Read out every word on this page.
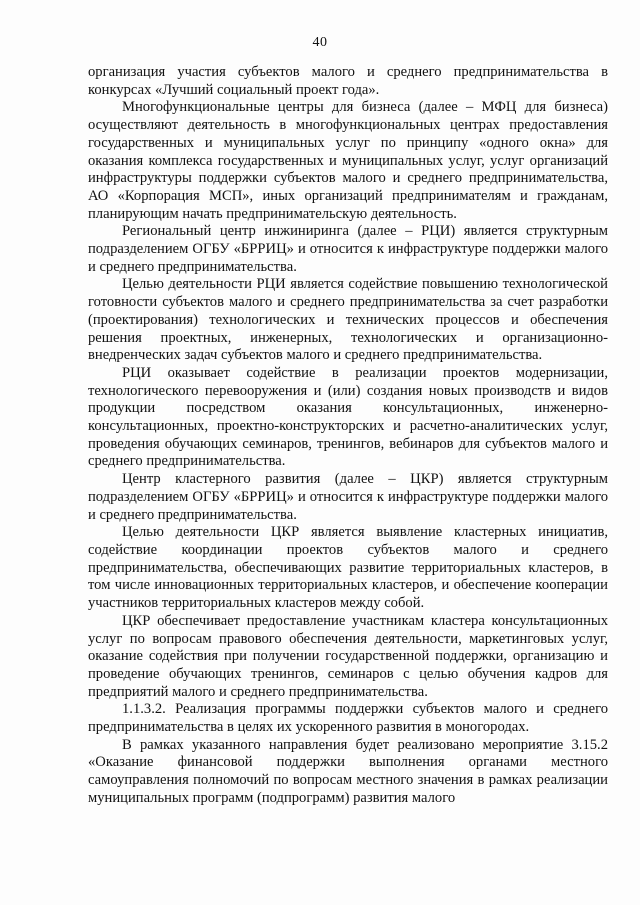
40

организация участия субъектов малого и среднего предпринимательства в конкурсах «Лучший социальный проект года».

Многофункциональные центры для бизнеса (далее – МФЦ для бизнеса) осуществляют деятельность в многофункциональных центрах предоставления государственных и муниципальных услуг по принципу «одного окна» для оказания комплекса государственных и муниципальных услуг, услуг организаций инфраструктуры поддержки субъектов малого и среднего предпринимательства, АО «Корпорация МСП», иных организаций предпринимателям и гражданам, планирующим начать предпринимательскую деятельность.

Региональный центр инжиниринга (далее – РЦИ) является структурным подразделением ОГБУ «БРРИЦ» и относится к инфраструктуре поддержки малого и среднего предпринимательства.

Целью деятельности РЦИ является содействие повышению технологической готовности субъектов малого и среднего предпринимательства за счет разработки (проектирования) технологических и технических процессов и обеспечения решения проектных, инженерных, технологических и организационно-внедренческих задач субъектов малого и среднего предпринимательства.

РЦИ оказывает содействие в реализации проектов модернизации, технологического перевооружения и (или) создания новых производств и видов продукции посредством оказания консультационных, инженерно-консультационных, проектно-конструкторских и расчетно-аналитических услуг, проведения обучающих семинаров, тренингов, вебинаров для субъектов малого и среднего предпринимательства.

Центр кластерного развития (далее – ЦКР) является структурным подразделением ОГБУ «БРРИЦ» и относится к инфраструктуре поддержки малого и среднего предпринимательства.

Целью деятельности ЦКР является выявление кластерных инициатив, содействие координации проектов субъектов малого и среднего предпринимательства, обеспечивающих развитие территориальных кластеров, в том числе инновационных территориальных кластеров, и обеспечение кооперации участников территориальных кластеров между собой.

ЦКР обеспечивает предоставление участникам кластера консультационных услуг по вопросам правового обеспечения деятельности, маркетинговых услуг, оказание содействия при получении государственной поддержки, организацию и проведение обучающих тренингов, семинаров с целью обучения кадров для предприятий малого и среднего предпринимательства.

1.1.3.2. Реализация программы поддержки субъектов малого и среднего предпринимательства в целях их ускоренного развития в моногородах.

В рамках указанного направления будет реализовано мероприятие 3.15.2 «Оказание финансовой поддержки выполнения органами местного самоуправления полномочий по вопросам местного значения в рамках реализации муниципальных программ (подпрограмм) развития малого
